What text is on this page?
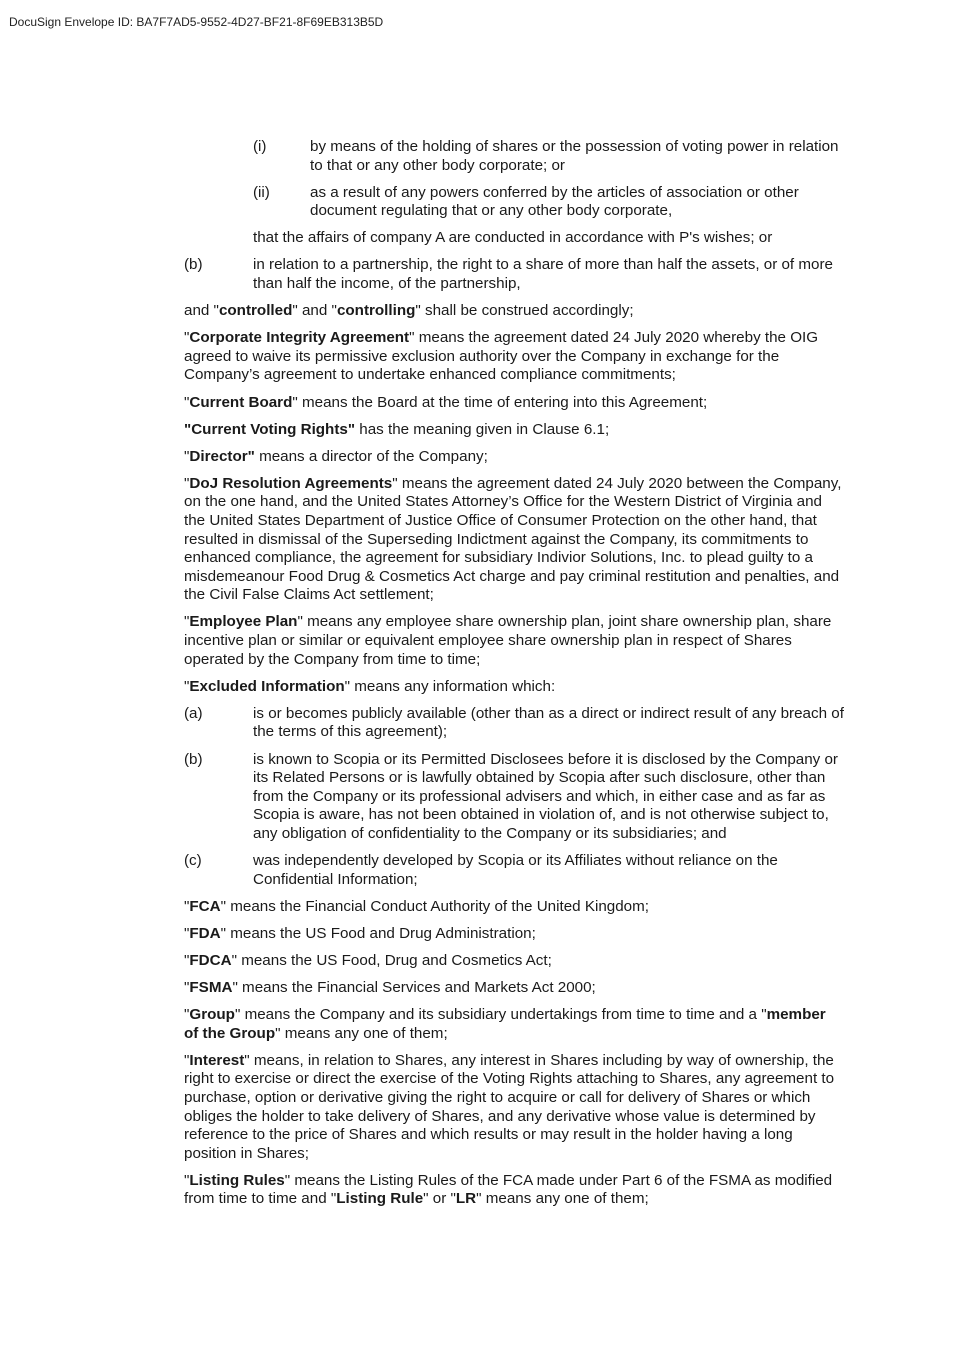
DocuSign Envelope ID: BA7F7AD5-9552-4D27-BF21-8F69EB313B5D
(i)	by means of the holding of shares or the possession of voting power in relation to that or any other body corporate; or
(ii)	as a result of any powers conferred by the articles of association or other document regulating that or any other body corporate,

that the affairs of company A are conducted in accordance with P's wishes; or

(b)	in relation to a partnership, the right to a share of more than half the assets, or of more than half the income, of the partnership,

and "controlled" and "controlling" shall be construed accordingly;

"Corporate Integrity Agreement" means the agreement dated 24 July 2020 whereby the OIG agreed to waive its permissive exclusion authority over the Company in exchange for the Company’s agreement to undertake enhanced compliance commitments;

"Current Board" means the Board at the time of entering into this Agreement;

"Current Voting Rights" has the meaning given in Clause 6.1;

"Director" means a director of the Company;

"DoJ Resolution Agreements" means the agreement dated 24 July 2020 between the Company, on the one hand, and the United States Attorney’s Office for the Western District of Virginia and the United States Department of Justice Office of Consumer Protection on the other hand, that resulted in dismissal of the Superseding Indictment against the Company, its commitments to enhanced compliance, the agreement for subsidiary Indivior Solutions, Inc. to plead guilty to a misdemeanour Food Drug & Cosmetics Act charge and pay criminal restitution and penalties, and the Civil False Claims Act settlement;

"Employee Plan" means any employee share ownership plan, joint share ownership plan, share incentive plan or similar or equivalent employee share ownership plan in respect of Shares operated by the Company from time to time;

"Excluded Information" means any information which:

(a)	is or becomes publicly available (other than as a direct or indirect result of any breach of the terms of this agreement);
(b)	is known to Scopia or its Permitted Disclosees before it is disclosed by the Company or its Related Persons or is lawfully obtained by Scopia after such disclosure, other than from the Company or its professional advisers and which, in either case and as far as Scopia is aware, has not been obtained in violation of, and is not otherwise subject to, any obligation of confidentiality to the Company or its subsidiaries; and
(c)	was independently developed by Scopia or its Affiliates without reliance on the Confidential Information;

"FCA" means the Financial Conduct Authority of the United Kingdom;

"FDA" means the US Food and Drug Administration;

"FDCA" means the US Food, Drug and Cosmetics Act;

"FSMA" means the Financial Services and Markets Act 2000;

"Group" means the Company and its subsidiary undertakings from time to time and a "member of the Group" means any one of them;

"Interest" means, in relation to Shares, any interest in Shares including by way of ownership, the right to exercise or direct the exercise of the Voting Rights attaching to Shares, any agreement to purchase, option or derivative giving the right to acquire or call for delivery of Shares or which obliges the holder to take delivery of Shares, and any derivative whose value is determined by reference to the price of Shares and which results or may result in the holder having a long position in Shares;

"Listing Rules" means the Listing Rules of the FCA made under Part 6 of the FSMA as modified from time to time and "Listing Rule" or "LR" means any one of them;
